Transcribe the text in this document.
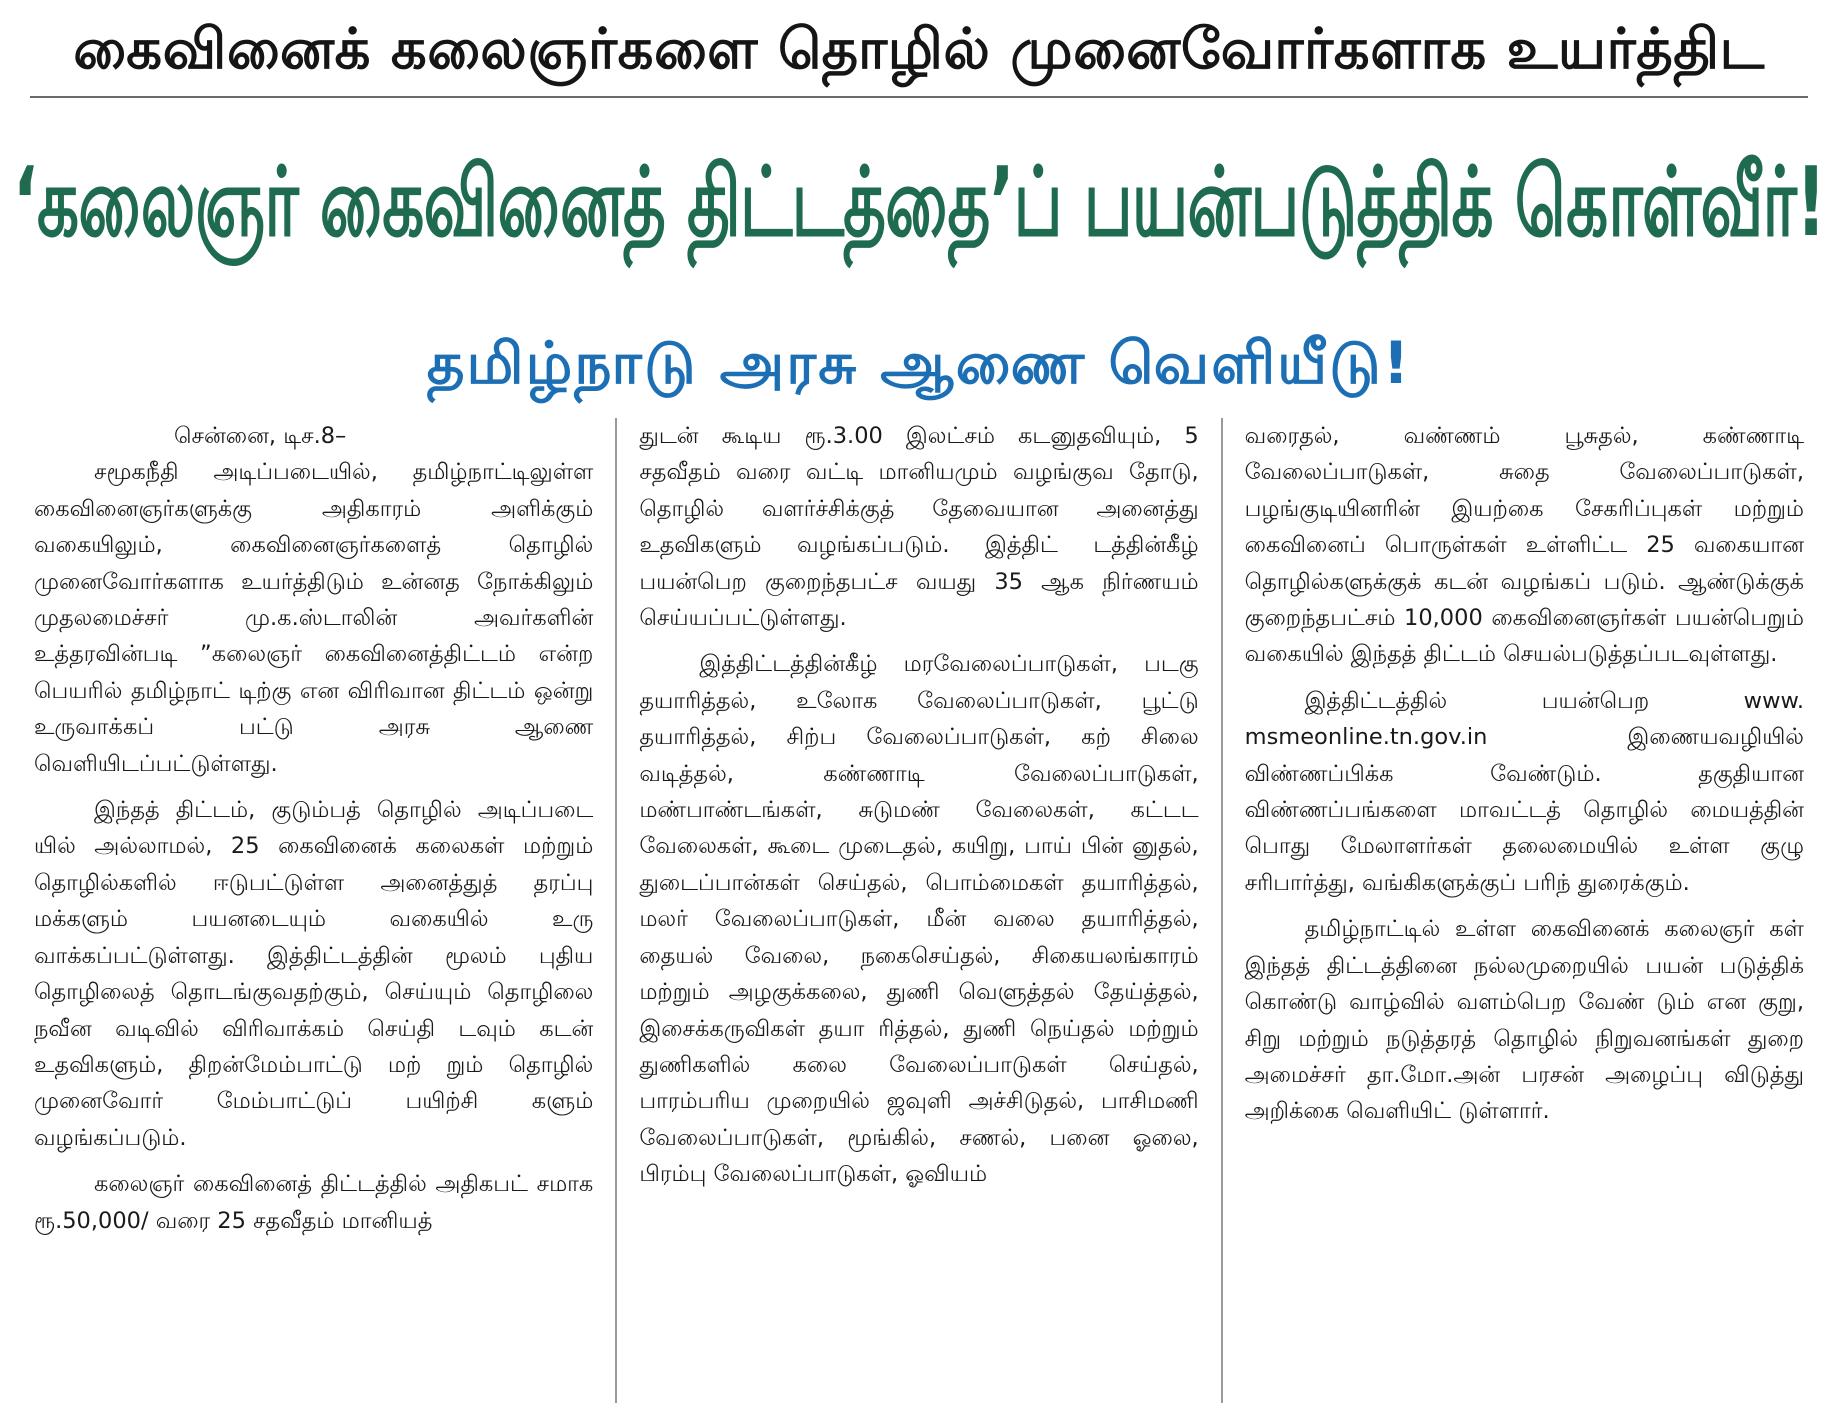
கைவினைக் கலைஞர்களை தொழில் முனைவோர்களாக உயர்த்திட
‘கலைஞர் கைவினைத் திட்டத்தை’ப் பயன்படுத்திக் கொள்வீர்!
தமிழ்நாடு அரசு ஆணை வெளியீடு!
சென்னை, டிச.8–

சமூகநீதி அடிப்படையில், தமிழ்நாட்டிலுள்ள கைவினைஞர்களுக்கு அதிகாரம் அளிக்கும் வகையிலும், கைவினைஞர்களைத் தொழில் முனைவோர்களாக உயர்த்திடும் உன்னத நோக்கிலும் முதலமைச்சர் மு.க.ஸ்டாலின் அவர்களின் உத்தரவின்படி ”கலைஞர் கைவினைத்திட்டம் என்ற பெயரில் தமிழ்நாட் டிற்கு என விரிவான திட்டம் ஒன்று உருவாக்கப் பட்டு அரசு ஆணை வெளியிடப்பட்டுள்ளது.

இந்தத் திட்டம், குடும்பத் தொழில் அடிப்படை யில் அல்லாமல், 25 கைவினைக் கலைகள் மற்றும் தொழில்களில் ஈடுபட்டுள்ள அனைத்துத் தரப்பு மக்களும் பயனடையும் வகையில் உரு வாக்கப்பட்டுள்ளது. இத்திட்டத்தின் மூலம் புதிய தொழிலைத் தொடங்குவதற்கும், செய்யும் தொழிலை நவீன வடிவில் விரிவாக்கம் செய்தி டவும் கடன் உதவிகளும், திறன்மேம்பாட்டு மற் றும் தொழில் முனைவோர் மேம்பாட்டுப் பயிற்சி களும் வழங்கப்படும்.

கலைஞர் கைவினைத் திட்டத்தில் அதிகபட் சமாக ரூ.50,000/ வரை 25 சதவீதம் மானியத்

துடன் கூடிய ரூ.3.00 இலட்சம் கடனுதவியும், 5 சதவீதம் வரை வட்டி மானியமும் வழங்குவ தோடு, தொழில் வளர்ச்சிக்குத் தேவையான அனைத்து உதவிகளும் வழங்கப்படும். இத்திட் டத்தின்கீழ் பயன்பெற குறைந்தபட்ச வயது 35 ஆக நிர்ணயம் செய்யப்பட்டுள்ளது.

இத்திட்டத்தின்கீழ் மரவேலைப்பாடுகள், படகு தயாரித்தல், உலோக வேலைப்பாடுகள், பூட்டு தயாரித்தல், சிற்ப வேலைப்பாடுகள், கற் சிலை வடித்தல், கண்ணாடி வேலைப்பாடுகள், மண்பாண்டங்கள், சுடுமண் வேலைகள், கட்டட வேலைகள், கூடை முடைதல், கயிறு, பாய் பின் னுதல், துடைப்பான்கள் செய்தல், பொம்மைகள் தயாரித்தல், மலர் வேலைப்பாடுகள், மீன் வலை தயாரித்தல், தையல் வேலை, நகைசெய்தல், சிகையலங்காரம் மற்றும் அழகுக்கலை, துணி வெளுத்தல் தேய்த்தல், இசைக்கருவிகள் தயா ரித்தல், துணி நெய்தல் மற்றும் துணிகளில் கலை வேலைப்பாடுகள் செய்தல், பாரம்பரிய முறையில் ஜவுளி அச்சிடுதல், பாசிமணி வேலைப்பாடுகள், மூங்கில், சணல், பனை ஓலை, பிரம்பு வேலைப்பாடுகள், ஓவியம்

வரைதல், வண்ணம் பூசுதல், கண்ணாடி வேலைப்பாடுகள், சுதை வேலைப்பாடுகள், பழங்குடியினரின் இயற்கை சேகரிப்புகள் மற்றும் கைவினைப் பொருள்கள் உள்ளிட்ட 25 வகையான தொழில்களுக்குக் கடன் வழங்கப் படும். ஆண்டுக்குக் குறைந்தபட்சம் 10,000 கைவினைஞர்கள் பயன்பெறும் வகையில் இந்தத் திட்டம் செயல்படுத்தப்படவுள்ளது.

இத்திட்டத்தில் பயன்பெற www. msmeonline.tn.gov.in இணையவழியில் விண்ணப்பிக்க வேண்டும். தகுதியான விண்ணப்பங்களை மாவட்டத் தொழில் மையத்தின் பொது மேலாளர்கள் தலைமையில் உள்ள குழு சரிபார்த்து, வங்கிகளுக்குப் பரிந் துரைக்கும்.

தமிழ்நாட்டில் உள்ள கைவினைக் கலைஞர் கள் இந்தத் திட்டத்தினை நல்லமுறையில் பயன் படுத்திக் கொண்டு வாழ்வில் வளம்பெற வேண் டும் என குறு, சிறு மற்றும் நடுத்தரத் தொழில் நிறுவனங்கள் துறை அமைச்சர் தா.மோ.அன் பரசன் அழைப்பு விடுத்து அறிக்கை வெளியிட் டுள்ளார்.
